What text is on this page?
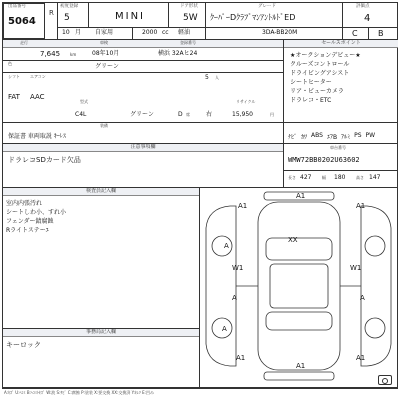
出品番号
5064
R
初度登録
5	MINI
ドア形状
5W
グレード
ｸｰﾊﾟｰDｸﾗﾌﾞﾏﾝｱﾝﾄﾙﾄﾞED
評価点
4
10 月 自家用	2000 cc 軽油	3DA-BB20M	C	B
走行	車検	登録番号
7,645 km	08年10月	横浜 32Aヒ24
色	グリーン
5 人
シフト
FAT
エアコン
AAC
型式
C4L	グリーン	D 席	右
リサイクル
15,950	円
装備
保証書 車両取説 ｷｰﾚｽ
セールスポイント
★オークションデビュー★
クルーズコントロール
ドライビングアシスト
シートヒーター
リア・ビューカメラ
ドラレコ・ETC
ﾅﾋﾞ ｶﾜ ABS ｴｱB ｱﾙﾐ PS PW
注意事項欄
ドラレコSDカード欠品
車台番号
WMW72BB0202U63602
長さ 427	幅 180	高さ 147
検査員記入欄
室内内張汚れ
シートしわ小、すれ小
フェンダー錆腐蝕
Rライトステーﾕ
事務局記入欄
キーロック
A1
A1
A1
XX
A
W1	W1
A	A
A
A1
A1
A1
A:ｷｽﾞ U:ﾍｺﾐ B:ﾍｺﾐﾄｷｽﾞ W:波 S:ｻﾋﾞ C:腐蝕 P:塗装 X:要交換 XX:交換済 Y:ｷﾚﾂ E:凹み
